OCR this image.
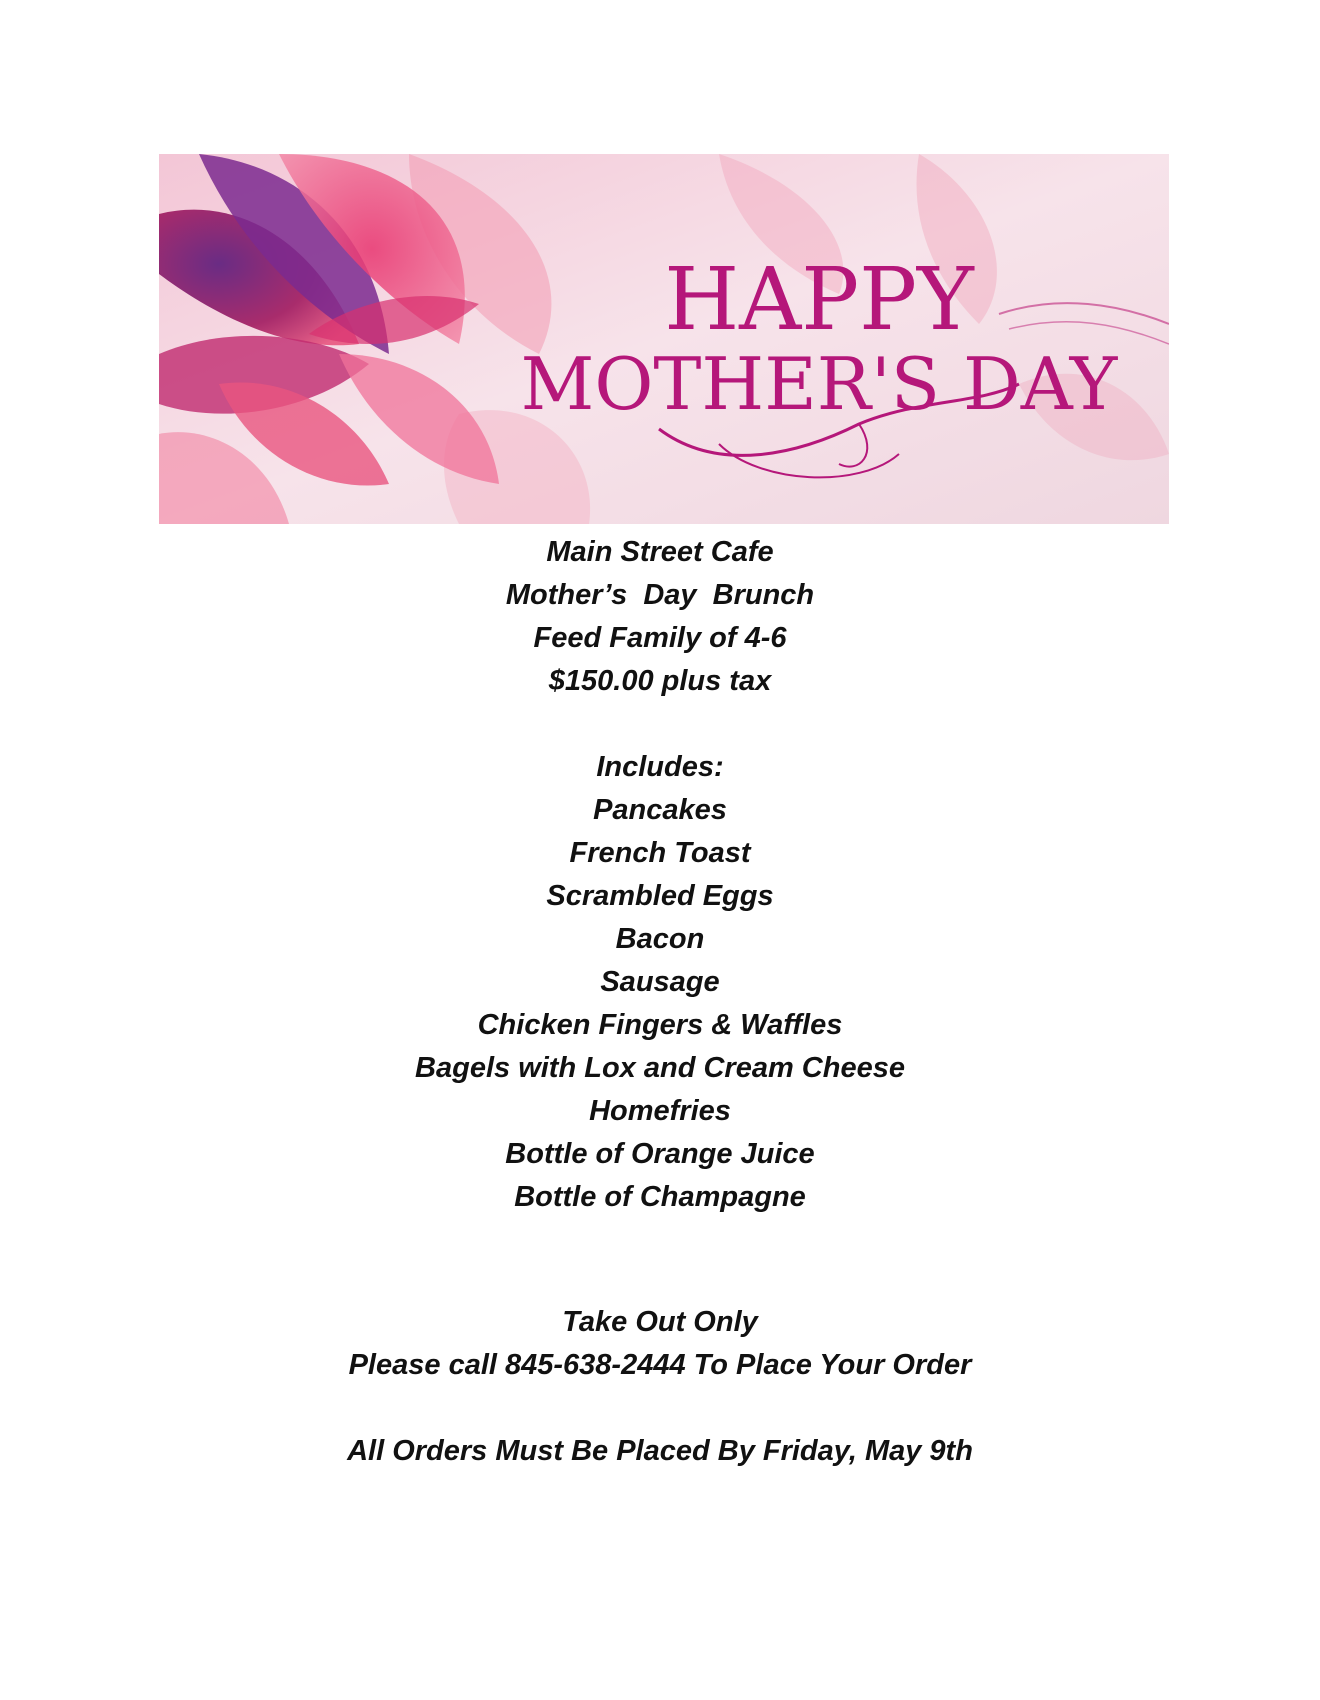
HAPPY
MOTHER'S DAY
Main Street Cafe
Mother’s  Day  Brunch
Feed Family of 4-6
$150.00 plus tax
Includes:
Pancakes
French Toast
Scrambled Eggs
Bacon
Sausage
Chicken Fingers & Waffles
Bagels with Lox and Cream Cheese
Homefries
Bottle of Orange Juice
Bottle of Champagne
Take Out Only
Please call 845-638-2444 To Place Your Order
All Orders Must Be Placed By Friday, May 9th
